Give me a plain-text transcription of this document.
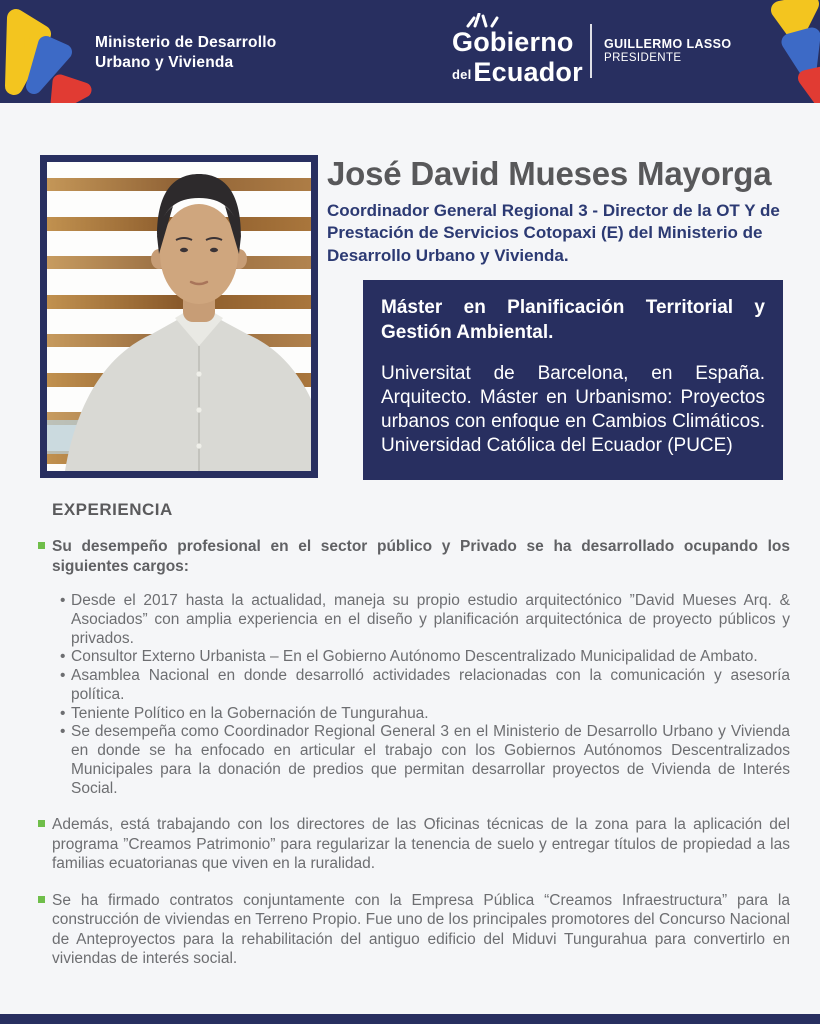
Ministerio de Desarrollo
Urbano y Vivienda
Gobierno
delEcuador
GUILLERMO LASSO
PRESIDENTE
José David Mueses Mayorga
Coordinador General Regional 3 - Director de la OT Y de Prestación de Servicios Cotopaxi (E) del Ministerio de Desarrollo Urbano y Vivienda.
Máster en Planificación Territorial y Gestión Ambiental.
Universitat de Barcelona, en España. Arquitecto. Máster en Urbanismo: Proyectos urbanos con enfoque en Cambios Climáticos. Universidad Católica del Ecuador (PUCE)
EXPERIENCIA
Su desempeño profesional en el sector público y Privado se ha desarrollado ocupando los siguientes cargos:
• Desde el 2017 hasta la actualidad, maneja su propio estudio arquitectónico ”David Mueses Arq. & Asociados” con amplia experiencia en el diseño y planificación arquitectónica de proyecto públicos y privados.
• Consultor Externo Urbanista – En el Gobierno Autónomo Descentralizado Municipalidad de Ambato.
• Asamblea Nacional en donde desarrolló actividades relacionadas con la comunicación y asesoría política.
• Teniente Político en la Gobernación de Tungurahua.
• Se desempeña como Coordinador Regional General 3 en el Ministerio de Desarrollo Urbano y Vivienda en donde se ha enfocado en articular el trabajo con los Gobiernos Autónomos Descentralizados Municipales para la donación de predios que permitan desarrollar proyectos de Vivienda de Interés Social.
Además, está trabajando con los directores de las Oficinas técnicas de la zona para la aplicación del programa ”Creamos Patrimonio” para regularizar la tenencia de suelo y entregar títulos de propiedad a las familias ecuatorianas que viven en la ruralidad.
Se ha firmado contratos conjuntamente con la Empresa Pública “Creamos Infraestructura” para la construcción de viviendas en Terreno Propio. Fue uno de los principales promotores del Concurso Nacional de Anteproyectos para la rehabilitación del antiguo edificio del Miduvi Tungurahua para convertirlo en viviendas de interés social.
